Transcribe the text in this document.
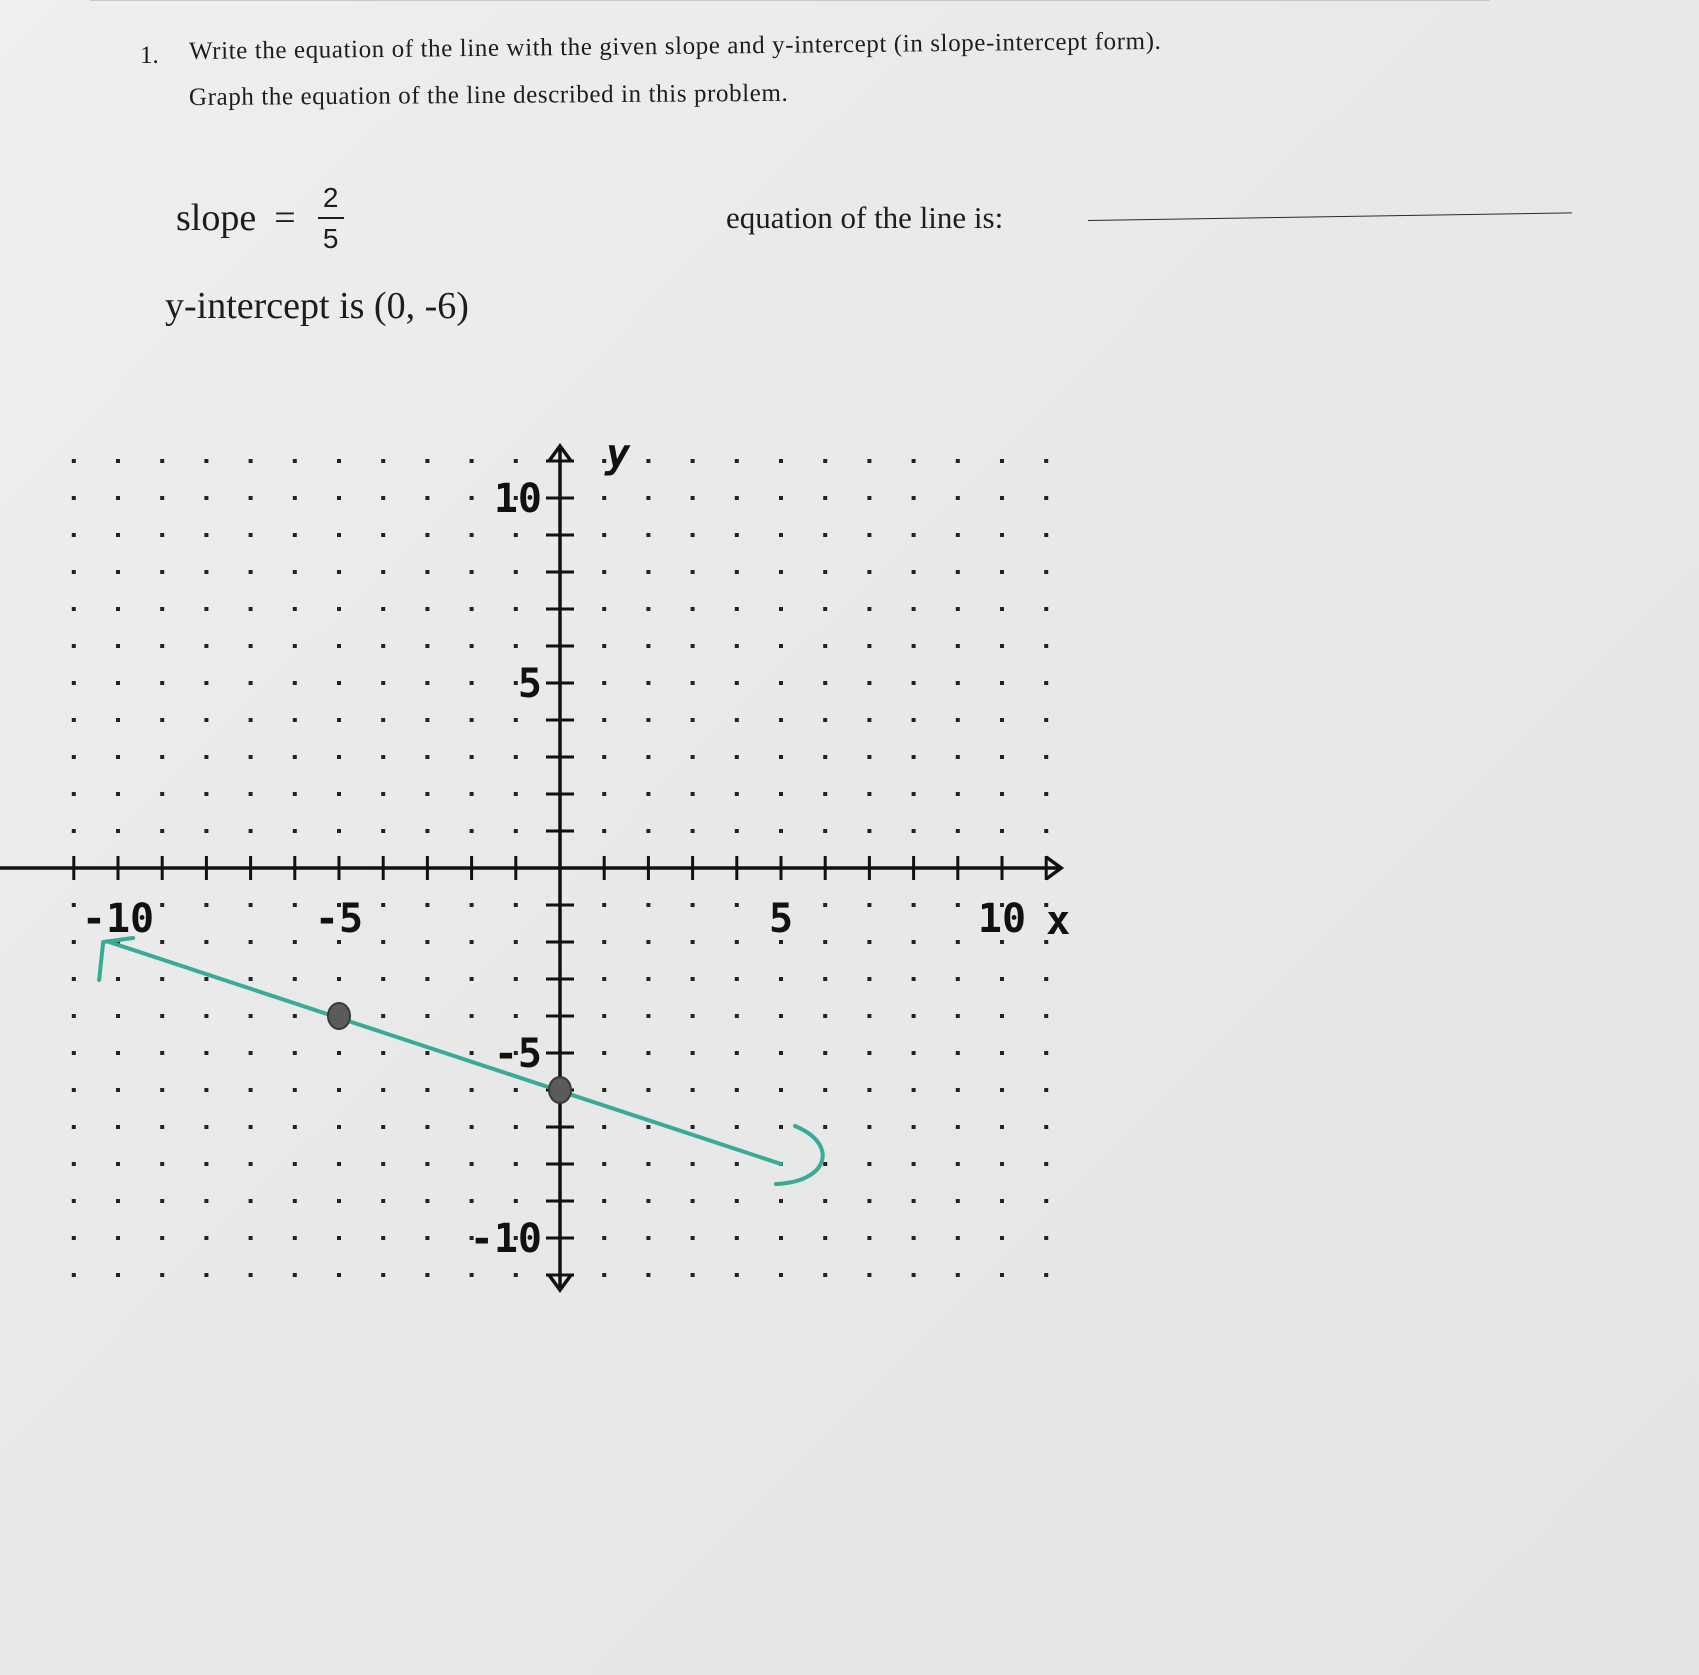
1. Write the equation of the line with the given slope and y-intercept (in slope-intercept form).
Graph the equation of the line described in this problem.
slope = $\frac{2}{5}$	equation of the line is:
y-intercept is (0, -6)
-10	-5	5	10
10
5
-5
-10
x
y
